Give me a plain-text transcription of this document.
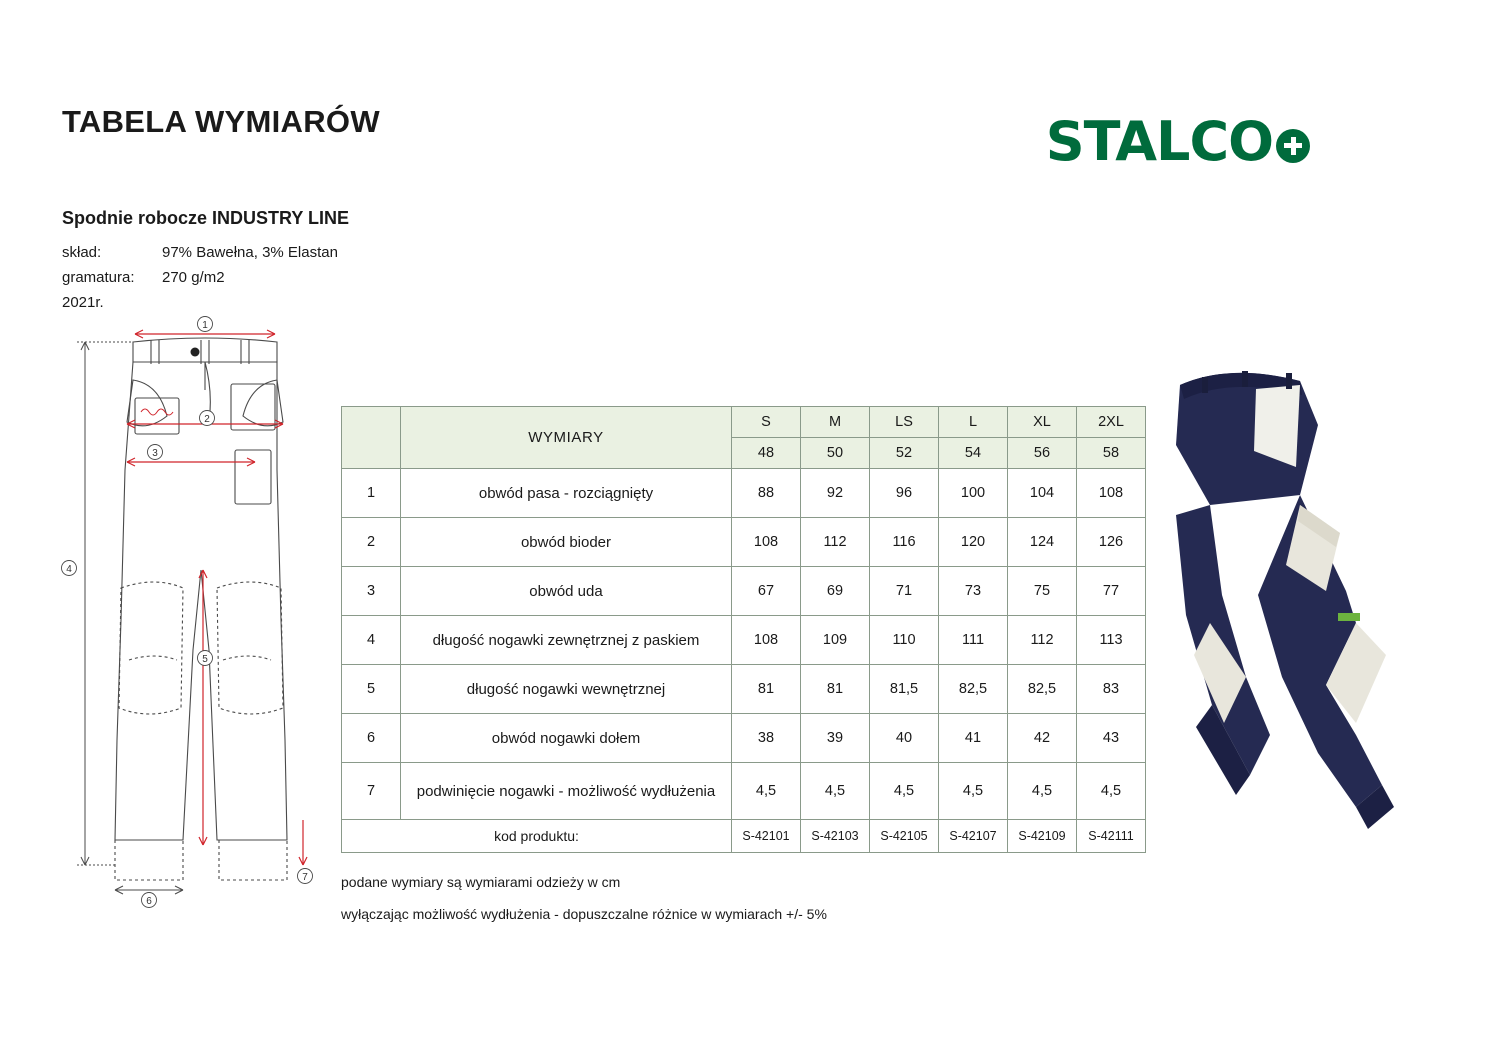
TABELA WYMIARÓW	STALCO
Spodnie robocze INDUSTRY LINE
skład:	97% Bawełna, 3% Elastan
gramatura:	270 g/m2
2021r.
1
2
3
4
5
6
7
	WYMIARY	S	M	LS	L	XL	2XL
		48	50	52	54	56	58
1	obwód pasa - rozciągnięty	88	92	96	100	104	108
2	obwód bioder	108	112	116	120	124	126
3	obwód uda	67	69	71	73	75	77
4	długość nogawki zewnętrznej z paskiem	108	109	110	111	112	113
5	długość nogawki wewnętrznej	81	81	81,5	82,5	82,5	83
6	obwód nogawki dołem	38	39	40	41	42	43
7	podwinięcie nogawki - możliwość wydłużenia	4,5	4,5	4,5	4,5	4,5	4,5
kod produktu:		S-42101	S-42103	S-42105	S-42107	S-42109	S-42111
podane wymiary są wymiarami odzieży w cm
wyłączając możliwość wydłużenia - dopuszczalne różnice w wymiarach +/- 5%
